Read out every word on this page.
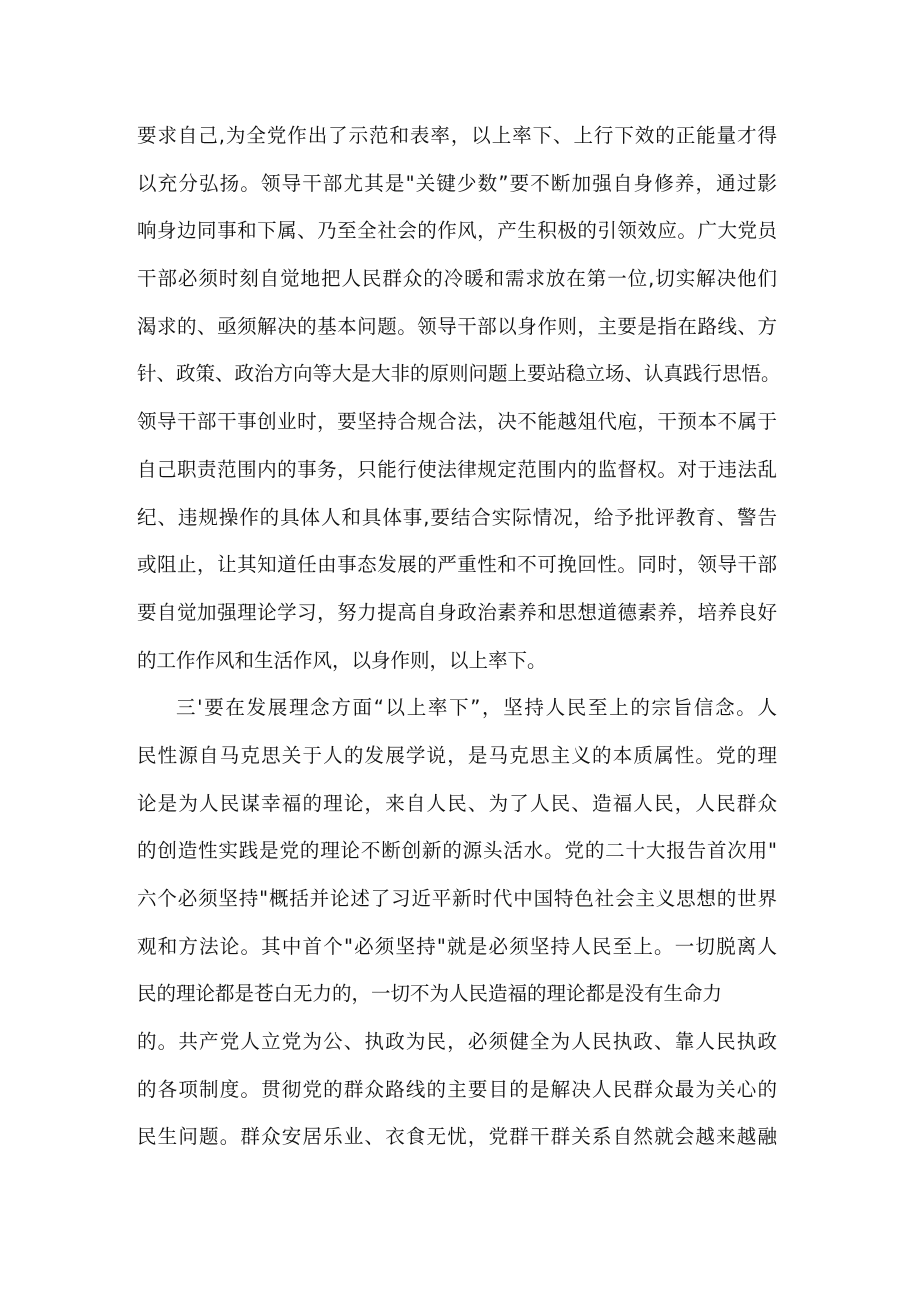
要求自己,为全党作出了示范和表率，以上率下、上行下效的正能量才得
以充分弘扬。领导干部尤其是"关键少数”要不断加强自身修养，通过影
响身边同事和下属、乃至全社会的作风，产生积极的引领效应。广大党员
干部必须时刻自觉地把人民群众的冷暖和需求放在第一位,切实解决他们
渴求的、亟须解决的基本问题。领导干部以身作则，主要是指在路线、方
针、政策、政治方向等大是大非的原则问题上要站稳立场、认真践行思悟。
领导干部干事创业时，要坚持合规合法，决不能越俎代庖，干预本不属于
自己职责范围内的事务，只能行使法律规定范围内的监督权。对于违法乱
纪、违规操作的具体人和具体事,要结合实际情况，给予批评教育、警告
或阻止，让其知道任由事态发展的严重性和不可挽回性。同时，领导干部
要自觉加强理论学习，努力提高自身政治素养和思想道德素养，培养良好
的工作作风和生活作风，以身作则，以上率下。
三'要在发展理念方面“以上率下”，坚持人民至上的宗旨信念。人
民性源自马克思关于人的发展学说，是马克思主义的本质属性。党的理
论是为人民谋幸福的理论，来自人民、为了人民、造福人民，人民群众
的创造性实践是党的理论不断创新的源头活水。党的二十大报告首次用"
六个必须坚持"概括并论述了习近平新时代中国特色社会主义思想的世界
观和方法论。其中首个"必须坚持"就是必须坚持人民至上。一切脱离人
民的理论都是苍白无力的，一切不为人民造福的理论都是没有生命力
的。共产党人立党为公、执政为民，必须健全为人民执政、靠人民执政
的各项制度。贯彻党的群众路线的主要目的是解决人民群众最为关心的
民生问题。群众安居乐业、衣食无忧，党群干群关系自然就会越来越融
